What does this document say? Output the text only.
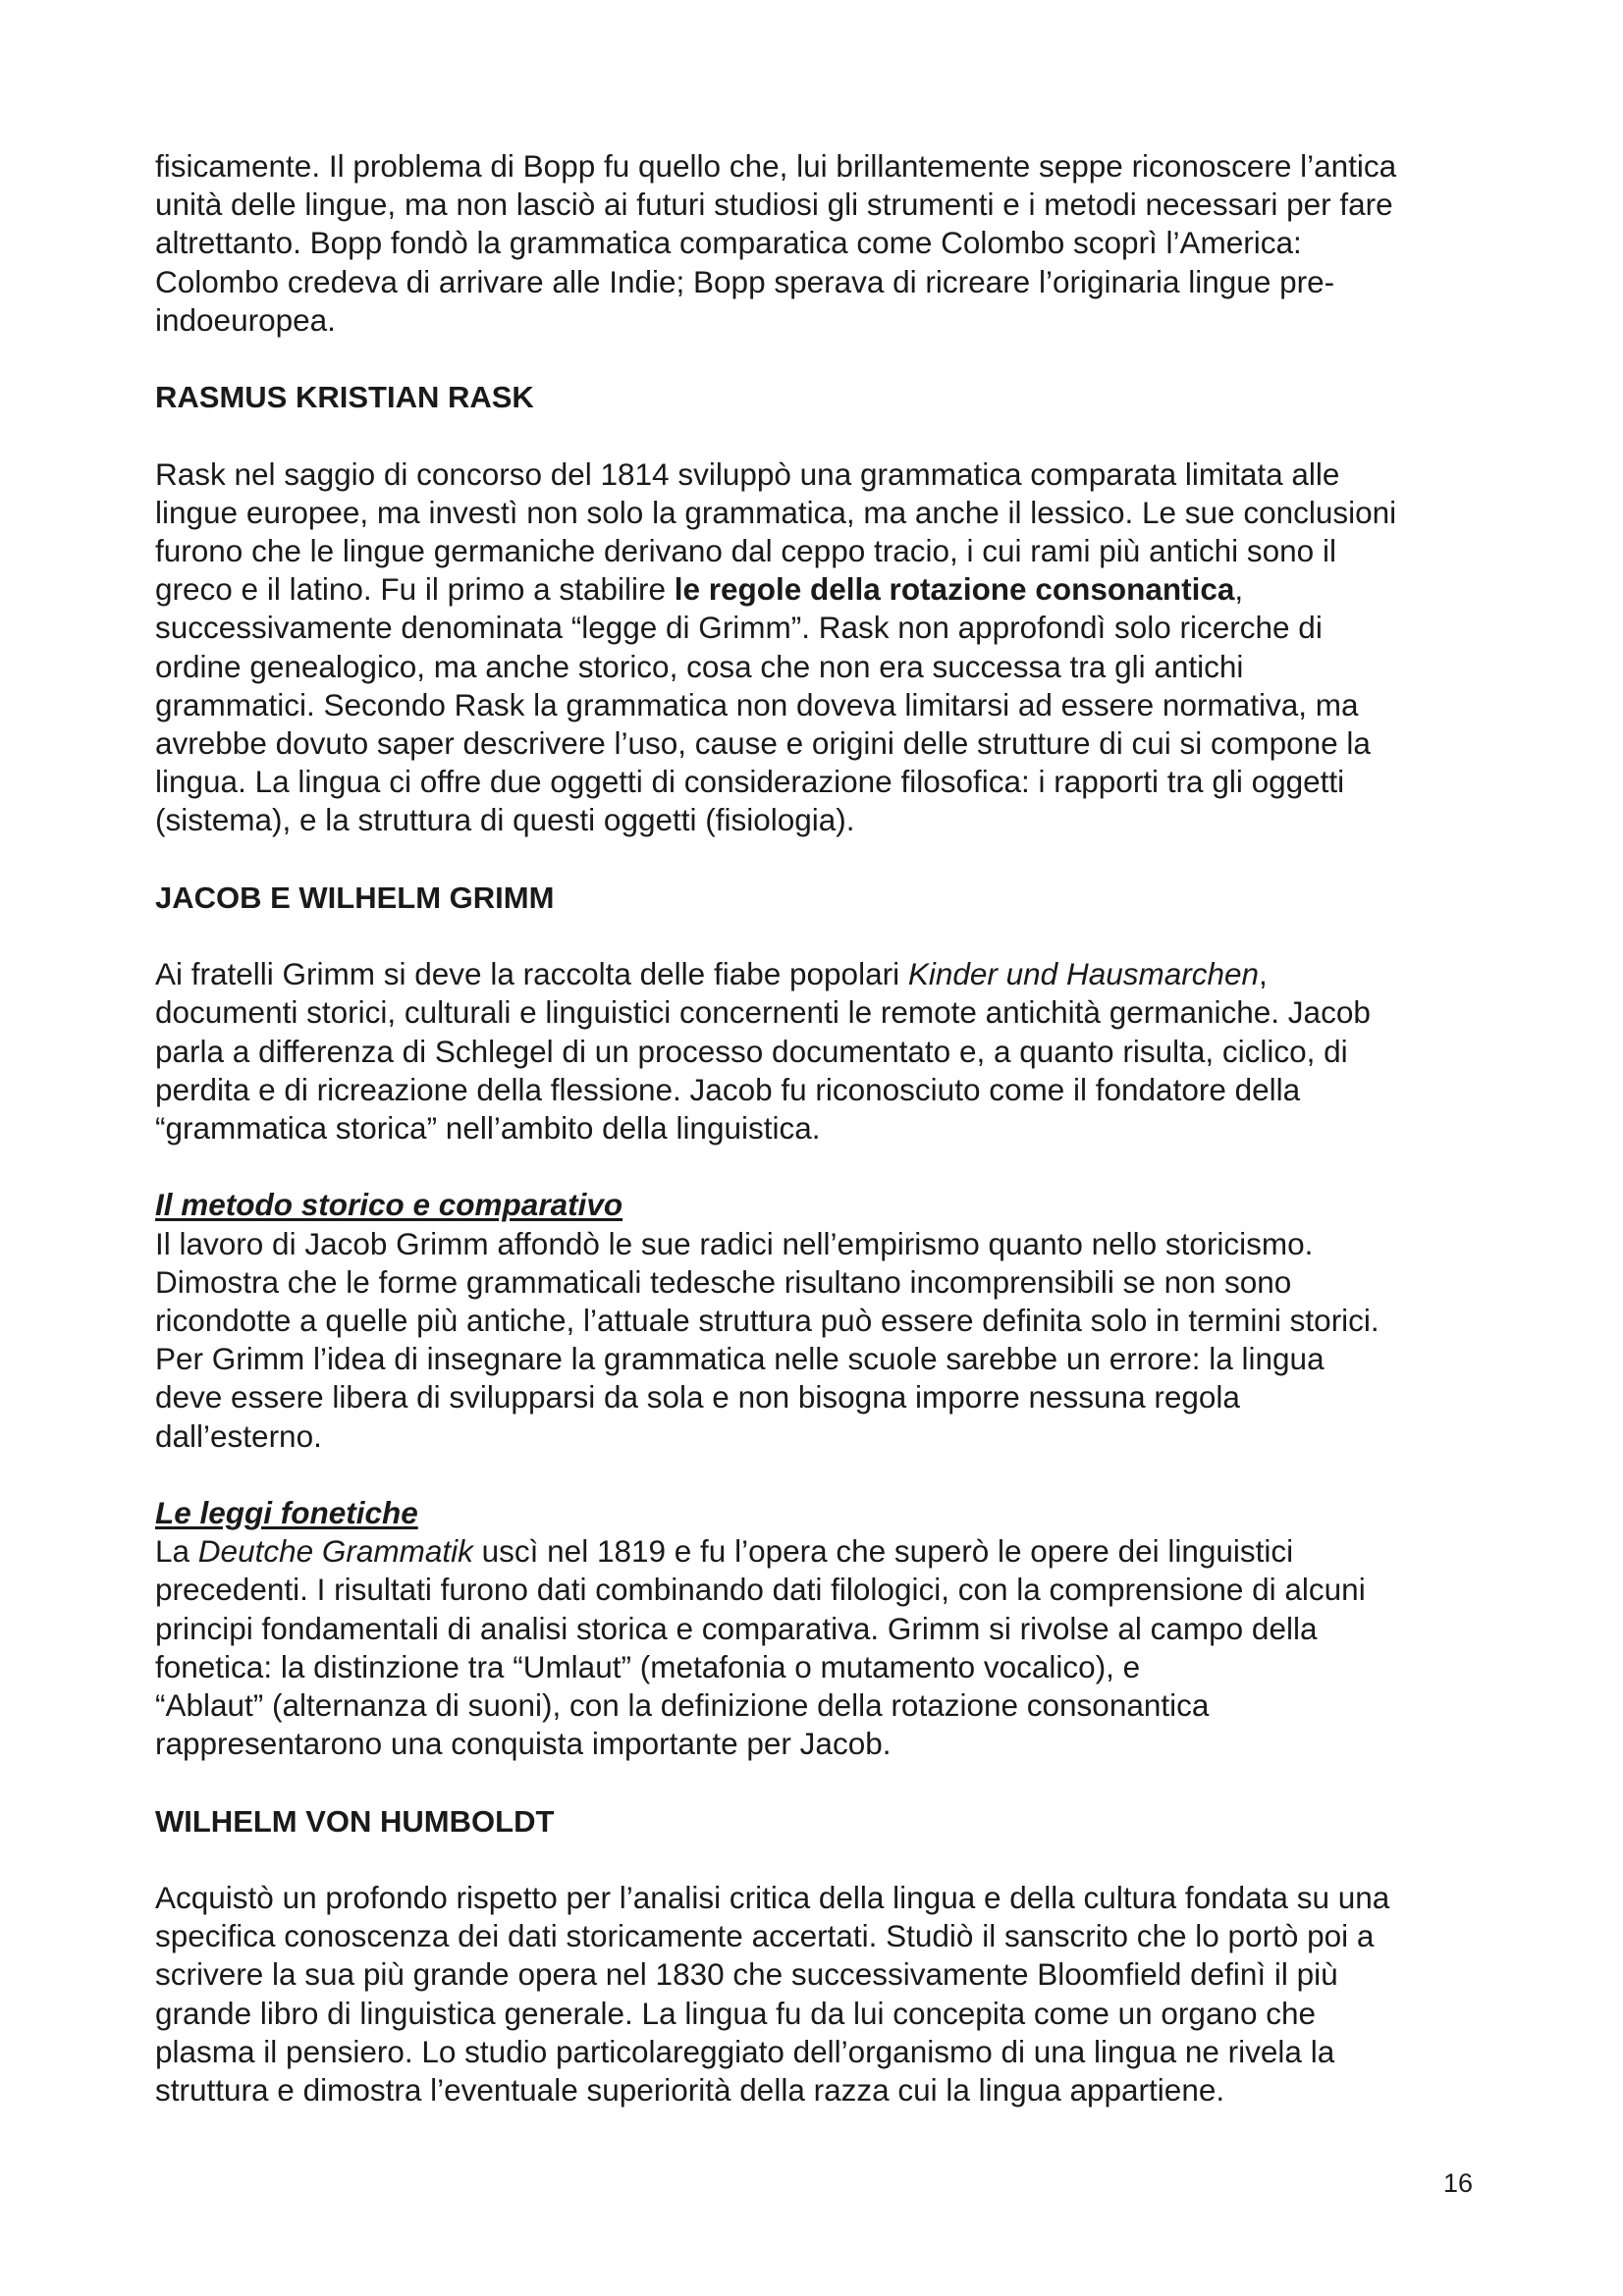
fisicamente. Il problema di Bopp fu quello che, lui brillantemente seppe riconoscere l’antica
unità delle lingue, ma non lasciò ai futuri studiosi gli strumenti e i metodi necessari per fare
altrettanto. Bopp fondò la grammatica comparatica come Colombo scoprì l’America:
Colombo credeva di arrivare alle Indie; Bopp sperava di ricreare l’originaria lingue pre-
indoeuropea.
RASMUS KRISTIAN RASK
Rask nel saggio di concorso del 1814 sviluppò una grammatica comparata limitata alle
lingue europee, ma investì non solo la grammatica, ma anche il lessico. Le sue conclusioni
furono che le lingue germaniche derivano dal ceppo tracio, i cui rami più antichi sono il
greco e il latino. Fu il primo a stabilire le regole della rotazione consonantica,
successivamente denominata “legge di Grimm”. Rask non approfondì solo ricerche di
ordine genealogico, ma anche storico, cosa che non era successa tra gli antichi
grammatici. Secondo Rask la grammatica non doveva limitarsi ad essere normativa, ma
avrebbe dovuto saper descrivere l’uso, cause e origini delle strutture di cui si compone la
lingua. La lingua ci offre due oggetti di considerazione filosofica: i rapporti tra gli oggetti
(sistema), e la struttura di questi oggetti (fisiologia).
JACOB E WILHELM GRIMM
Ai fratelli Grimm si deve la raccolta delle fiabe popolari Kinder und Hausmarchen,
documenti storici, culturali e linguistici concernenti le remote antichità germaniche. Jacob
parla a differenza di Schlegel di un processo documentato e, a quanto risulta, ciclico, di
perdita e di ricreazione della flessione. Jacob fu riconosciuto come il fondatore della
“grammatica storica” nell’ambito della linguistica.
Il metodo storico e comparativo
Il lavoro di Jacob Grimm affondò le sue radici nell’empirismo quanto nello storicismo.
Dimostra che le forme grammaticali tedesche risultano incomprensibili se non sono
ricondotte a quelle più antiche, l’attuale struttura può essere definita solo in termini storici.
Per Grimm l’idea di insegnare la grammatica nelle scuole sarebbe un errore: la lingua
deve essere libera di svilupparsi da sola e non bisogna imporre nessuna regola
dall’esterno.
Le leggi fonetiche
La Deutche Grammatik uscì nel 1819 e fu l’opera che superò le opere dei linguistici
precedenti. I risultati furono dati combinando dati filologici, con la comprensione di alcuni
principi fondamentali di analisi storica e comparativa. Grimm si rivolse al campo della
fonetica: la distinzione tra “Umlaut” (metafonia o mutamento vocalico), e
“Ablaut” (alternanza di suoni), con la definizione della rotazione consonantica
rappresentarono una conquista importante per Jacob.
WILHELM VON HUMBOLDT
Acquistò un profondo rispetto per l’analisi critica della lingua e della cultura fondata su una
specifica conoscenza dei dati storicamente accertati. Studiò il sanscrito che lo portò poi a
scrivere la sua più grande opera nel 1830 che successivamente Bloomfield definì il più
grande libro di linguistica generale. La lingua fu da lui concepita come un organo che
plasma il pensiero. Lo studio particolareggiato dell’organismo di una lingua ne rivela la
struttura e dimostra l’eventuale superiorità della razza cui la lingua appartiene.
16
